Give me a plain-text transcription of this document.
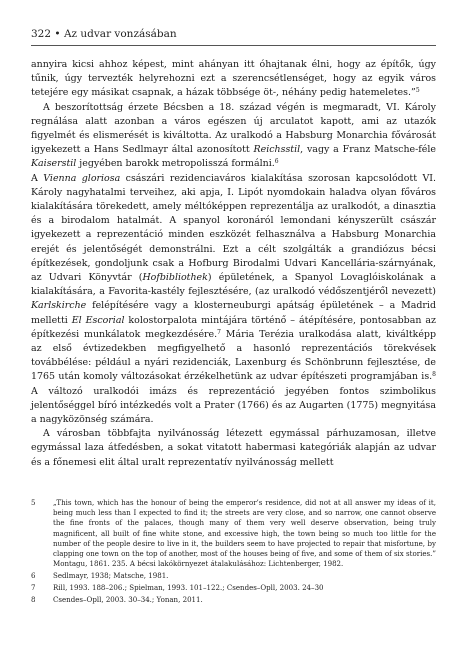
322 • Az udvar vonzásában

annyira kicsi ahhoz képest, mint ahányan itt óhajtanak élni, hogy az építők, úgy tűnik, úgy tervezték helyrehozni ezt a szerencsétlenséget, hogy az egyik város tetejére egy másikat csapnak, a házak többsége öt-, néhány pedig hatemeletes.”$^5$

A beszorítottság érzete Bécsben a 18. század végén is megmaradt, VI. Károly regnálása alatt azonban a város egészen új arculatot kapott, ami az utazók figyelmét és elismerését is kiváltotta. Az uralkodó a Habsburg Monarchia fővárosát igyekezett a Hans Sedlmayr által azonosított Reichsstil, vagy a Franz Matsche-féle Kaiserstil jegyében barokk metropolisszá formálni.$^6$

A Vienna gloriosa császári rezidenciaváros kialakítása szorosan kapcsolódott VI. Károly nagyhatalmi terveihez, aki apja, I. Lipót nyomdokain haladva olyan főváros kialakítására törekedett, amely méltóképpen reprezentálja az uralkodót, a dinasztia és a birodalom hatalmát. A spanyol koronáról lemondani kényszerült császár igyekezett a reprezentáció minden eszközét felhasználva a Habsburg Monarchia erejét és jelentőségét demonstrálni. Ezt a célt szolgálták a grandiózus bécsi építkezések, gondoljunk csak a Hofburg Birodalmi Udvari Kancelláriа-szárnyának, az Udvari Könyvtár (Hofbibliothek) épületének, a Spanyol Lovaglóiskolának a kialakítására, a Favorita-kastély fejlesztésére, (az uralkodó védőszentjéről nevezett) Karlskirche felépítésére vagy a klosterneuburgi apátság épületének – a Madrid melletti El Escorial kolostorpalota mintájára történő – átépítésére, pontosabban az építkezési munkálatok megkezdésére.$^7$ Mária Terézia uralkodása alatt, kiváltképp az első évtizedekben megfigyelhető a hasonló reprezentációs törekvések továbbélése: például a nyári rezidenciák, Laxenburg és Schönbrunn fejlesztése, de 1765 után komoly változásokat érzékelhetünk az udvar építészeti programjában is.$^8$ A változó uralkodói imázs és reprezentáció jegyében fontos szimbolikus jelentőséggel bíró intézkedés volt a Prater (1766) és az Augarten (1775) megnyitása a nagyközönség számára.

A városban többfajta nyilvánosság létezett egymással párhuzamosan, illetve egymással laza átfedésben, a sokat vitatott habermasi kategóriák alapján az udvar és a főnemesi elit által uralt reprezentatív nyilvánosság mellett

5 „This town, which has the honour of being the emperor’s residence, did not at all answer my ideas of it, being much less than I expected to find it; the streets are very close, and so narrow, one cannot observe the fine fronts of the palaces, though many of them very well deserve observation, being truly magnificent, all built of fine white stone, and excessive high, the town being so much too little for the number of the people desire to live in it, the builders seem to have projected to repair that misfortune, by clapping one town on the top of another, most of the houses being of five, and some of them of six stories.” Montagu, 1861. 235. A bécsi lakókörnyezet átalakulásához: Lichtenberger, 1982.
6 Sedlmayr, 1938; Matsche, 1981.
7 Rill, 1993. 188–206.; Spielman, 1993. 101–122.; Csendes–Opll, 2003. 24–30
8 Csendes–Opll, 2003. 30–34.; Yonan, 2011.
